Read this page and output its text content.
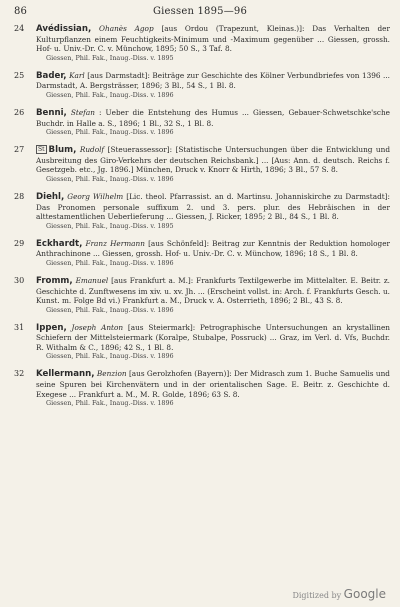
86	Giessen 1895—96
24	Avédissian, Ohanès Agop [aus Ordou (Trapezunt, Kleinas.)]: Das Verhalten der Kulturpflanzen einem Feuchtigkeits-Minimum und -Maximum gegenüber ... Giessen, grossh. Hof- u. Univ.-Dr. C. v. Münchow, 1895; 50 S., 3 Taf. 8.
Giessen, Phil. Fak., Inaug.-Diss. v. 1895
25	Bader, Karl [aus Darmstadt]: Beiträge zur Geschichte des Kölner Verbundbriefes von 1396 ... Darmstadt, A. Bergsträsser, 1896; 3 Bl., 54 S., 1 Bl. 8.
Giessen, Phil. Fak., Inaug.-Diss. v. 1896
26	Benni, Stefan : Ueber die Entstehung des Humus ... Giessen, Gebauer-Schwetschke'sche Buchdr. in Halle a. S., 1896; 1 Bl., 32 S., 1 Bl. 8.
Giessen, Phil. Fak., Inaug.-Diss. v. 1896
27	St Blum, Rudolf [Steuerassessor]: [Statistische Untersuchungen über die Entwicklung und Ausbreitung des Giro-Verkehrs der deutschen Reichsbank.] ... [Aus: Ann. d. deutsch. Reichs f. Gesetzgeb. etc., Jg. 1896.] München, Druck v. Knorr & Hirth, 1896; 3 Bl., 57 S. 8.
Giessen, Phil. Fak., Inaug.-Diss. v. 1896
28	Diehl, Georg Wilhelm [Lic. theol. Pfarrassist. an d. Martinsu. Johanniskirche zu Darmstadt]: Das Pronomen personale suffixum 2. und 3. pers. plur. des Hebräischen in der alttestamentlichen Ueberlieferung ... Giessen, J. Ricker, 1895; 2 Bl., 84 S., 1 Bl. 8.
Giessen, Phil. Fak., Inaug.-Diss. v. 1895
29	Eckhardt, Franz Hermann [aus Schönfeld]: Beitrag zur Kenntnis der Reduktion homologer Anthrachinone ... Giessen, grossh. Hof- u. Univ.-Dr. C. v. Münchow, 1896; 18 S., 1 Bl. 8.
Giessen, Phil. Fak., Inaug.-Diss. v. 1896
30	Fromm, Emanuel [aus Frankfurt a. M.]: Frankfurts Textilgewerbe im Mittelalter. E. Beitr. z. Geschichte d. Zunftwesens im xiv. u. xv. Jh. ... (Erscheint vollst. in: Arch. f. Frankfurts Gesch. u. Kunst. m. Folge Bd vi.) Frankfurt a. M., Druck v. A. Osterrieth, 1896; 2 Bl., 43 S. 8.
Giessen, Phil. Fak., Inaug.-Diss. v. 1896
31	Ippen, Joseph Anton [aus Steiermark]: Petrographische Untersuchungen an krystallinen Schiefern der Mittelsteiermark (Koralpe, Stubalpe, Possruck) ... Graz, im Verl. d. Vfs, Buchdr. R. Withalm & C., 1896; 42 S., 1 Bl. 8.
Giessen, Phil. Fak., Inaug.-Diss. v. 1896
32	Kellermann, Benzion [aus Gerolzhofen (Bayern)]: Der Midrasch zum 1. Buche Samuelis und seine Spuren bei Kirchenvätern und in der orientalischen Sage. E. Beitr. z. Geschichte d. Exegese ... Frankfurt a. M., M. R. Golde, 1896; 63 S. 8.
Giessen, Phil. Fak., Inaug.-Diss. v. 1896
Digitized by Google
